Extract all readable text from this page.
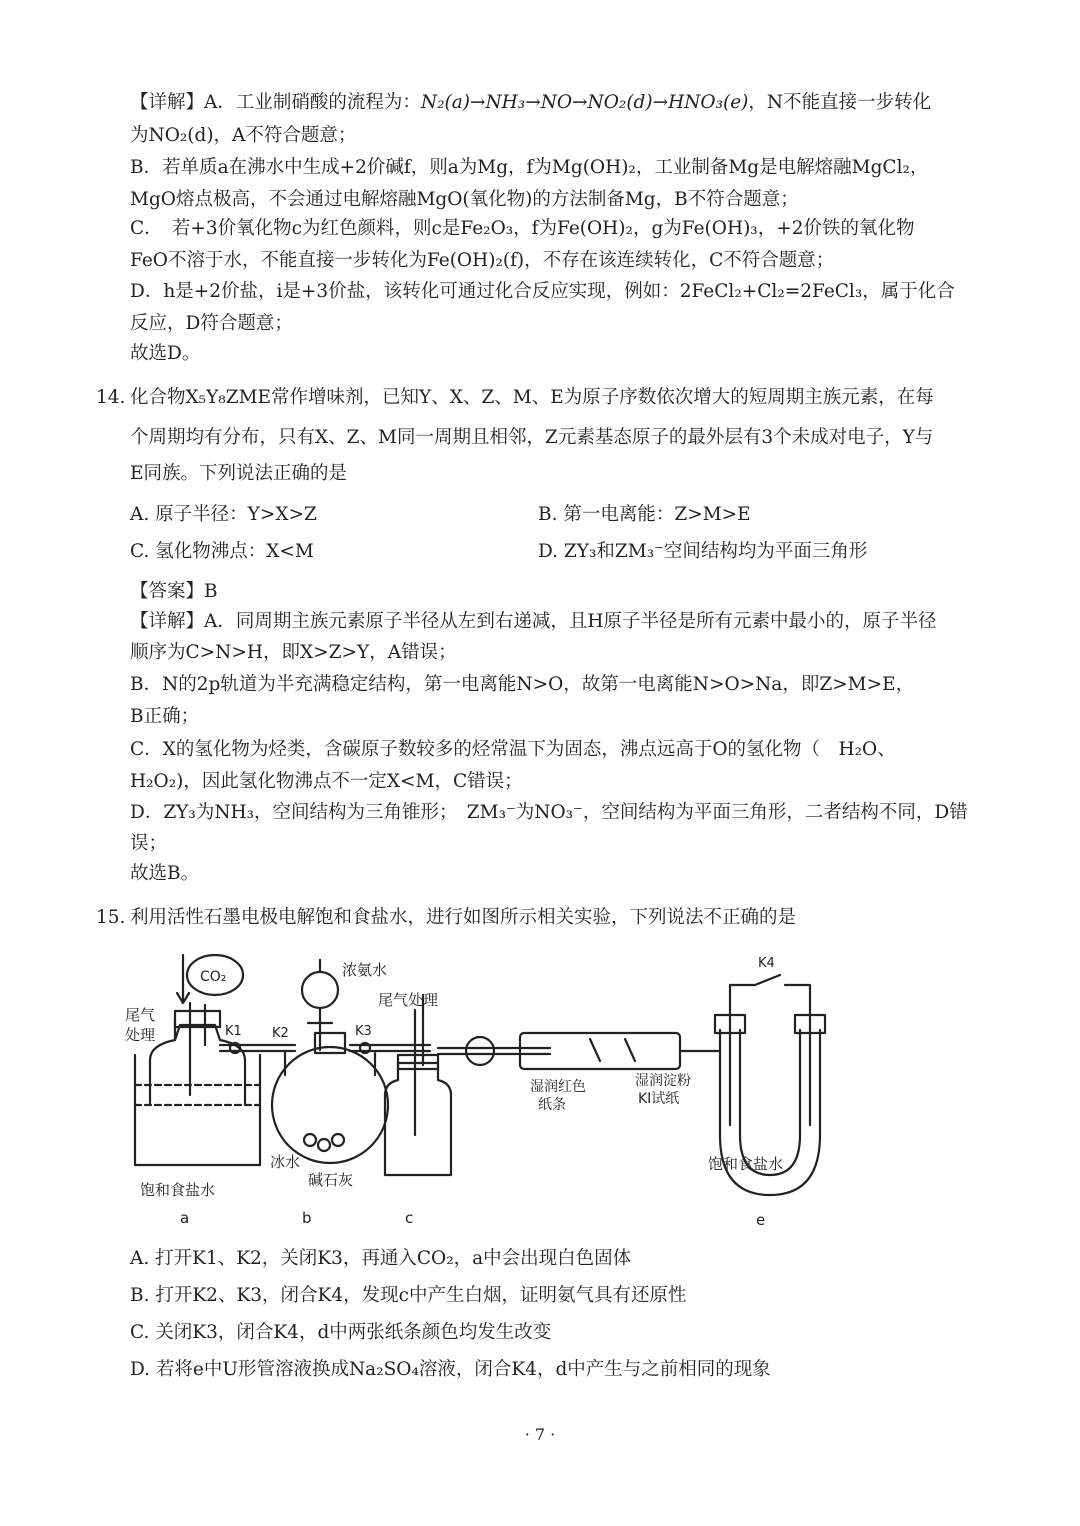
【详解】A．工业制硝酸的流程为：N₂(a)→NH₃→NO→NO₂(d)→HNO₃(e)，N不能直接一步转化
为NO₂(d)，A不符合题意；
B．若单质a在沸水中生成+2价碱f，则a为Mg，f为Mg(OH)₂，工业制备Mg是电解熔融MgCl₂，
MgO熔点极高，不会通过电解熔融MgO(氧化物)的方法制备Mg，B不符合题意；
C．　若+3价氧化物c为红色颜料，则c是Fe₂O₃，f为Fe(OH)₂，g为Fe(OH)₃，+2价铁的氧化物
FeO不溶于水，不能直接一步转化为Fe(OH)₂(f)，不存在该连续转化，C不符合题意；
D．h是+2价盐，i是+3价盐，该转化可通过化合反应实现，例如：2FeCl₂+Cl₂=2FeCl₃，属于化合
反应，D符合题意；
故选D。
14. 化合物X₅Y₈ZME常作增味剂，已知Y、X、Z、M、E为原子序数依次增大的短周期主族元素，在每
个周期均有分布，只有X、Z、M同一周期且相邻，Z元素基态原子的最外层有3个未成对电子，Y与
E同族。下列说法正确的是
A. 原子半径：Y>X>Z	B. 第一电离能：Z>M>E
C. 氢化物沸点：X<M	D. ZY₃和ZM₃⁻空间结构均为平面三角形
【答案】B
【详解】A．同周期主族元素原子半径从左到右递减，且H原子半径是所有元素中最小的，原子半径
顺序为C>N>H，即X>Z>Y，A错误；
B．N的2p轨道为半充满稳定结构，第一电离能N>O，故第一电离能N>O>Na，即Z>M>E，
B正确；
C．X的氢化物为烃类，含碳原子数较多的烃常温下为固态，沸点远高于O的氢化物（　H₂O、
H₂O₂)，因此氢化物沸点不一定X<M，C错误；
D．ZY₃为NH₃，空间结构为三角锥形；　ZM₃⁻为NO₃⁻，空间结构为平面三角形，二者结构不同，D错
误；
故选B。
15. 利用活性石墨电极电解饱和食盐水，进行如图所示相关实验，下列说法不正确的是
CO₂
尾气
处理	K1 K2	K3
K4
浓氨水
尾气处理
冰水
饱和食盐水
碱石灰
湿润红色
纸条
湿润淀粉
KI试纸
饱和食盐水
a	b	c	e
A. 打开K1、K2，关闭K3，再通入CO₂，a中会出现白色固体
B. 打开K2、K3，闭合K4，发现c中产生白烟，证明氨气具有还原性
C. 关闭K3，闭合K4，d中两张纸条颜色均发生改变
D. 若将e中U形管溶液换成Na₂SO₄溶液，闭合K4，d中产生与之前相同的现象
· 7 ·
